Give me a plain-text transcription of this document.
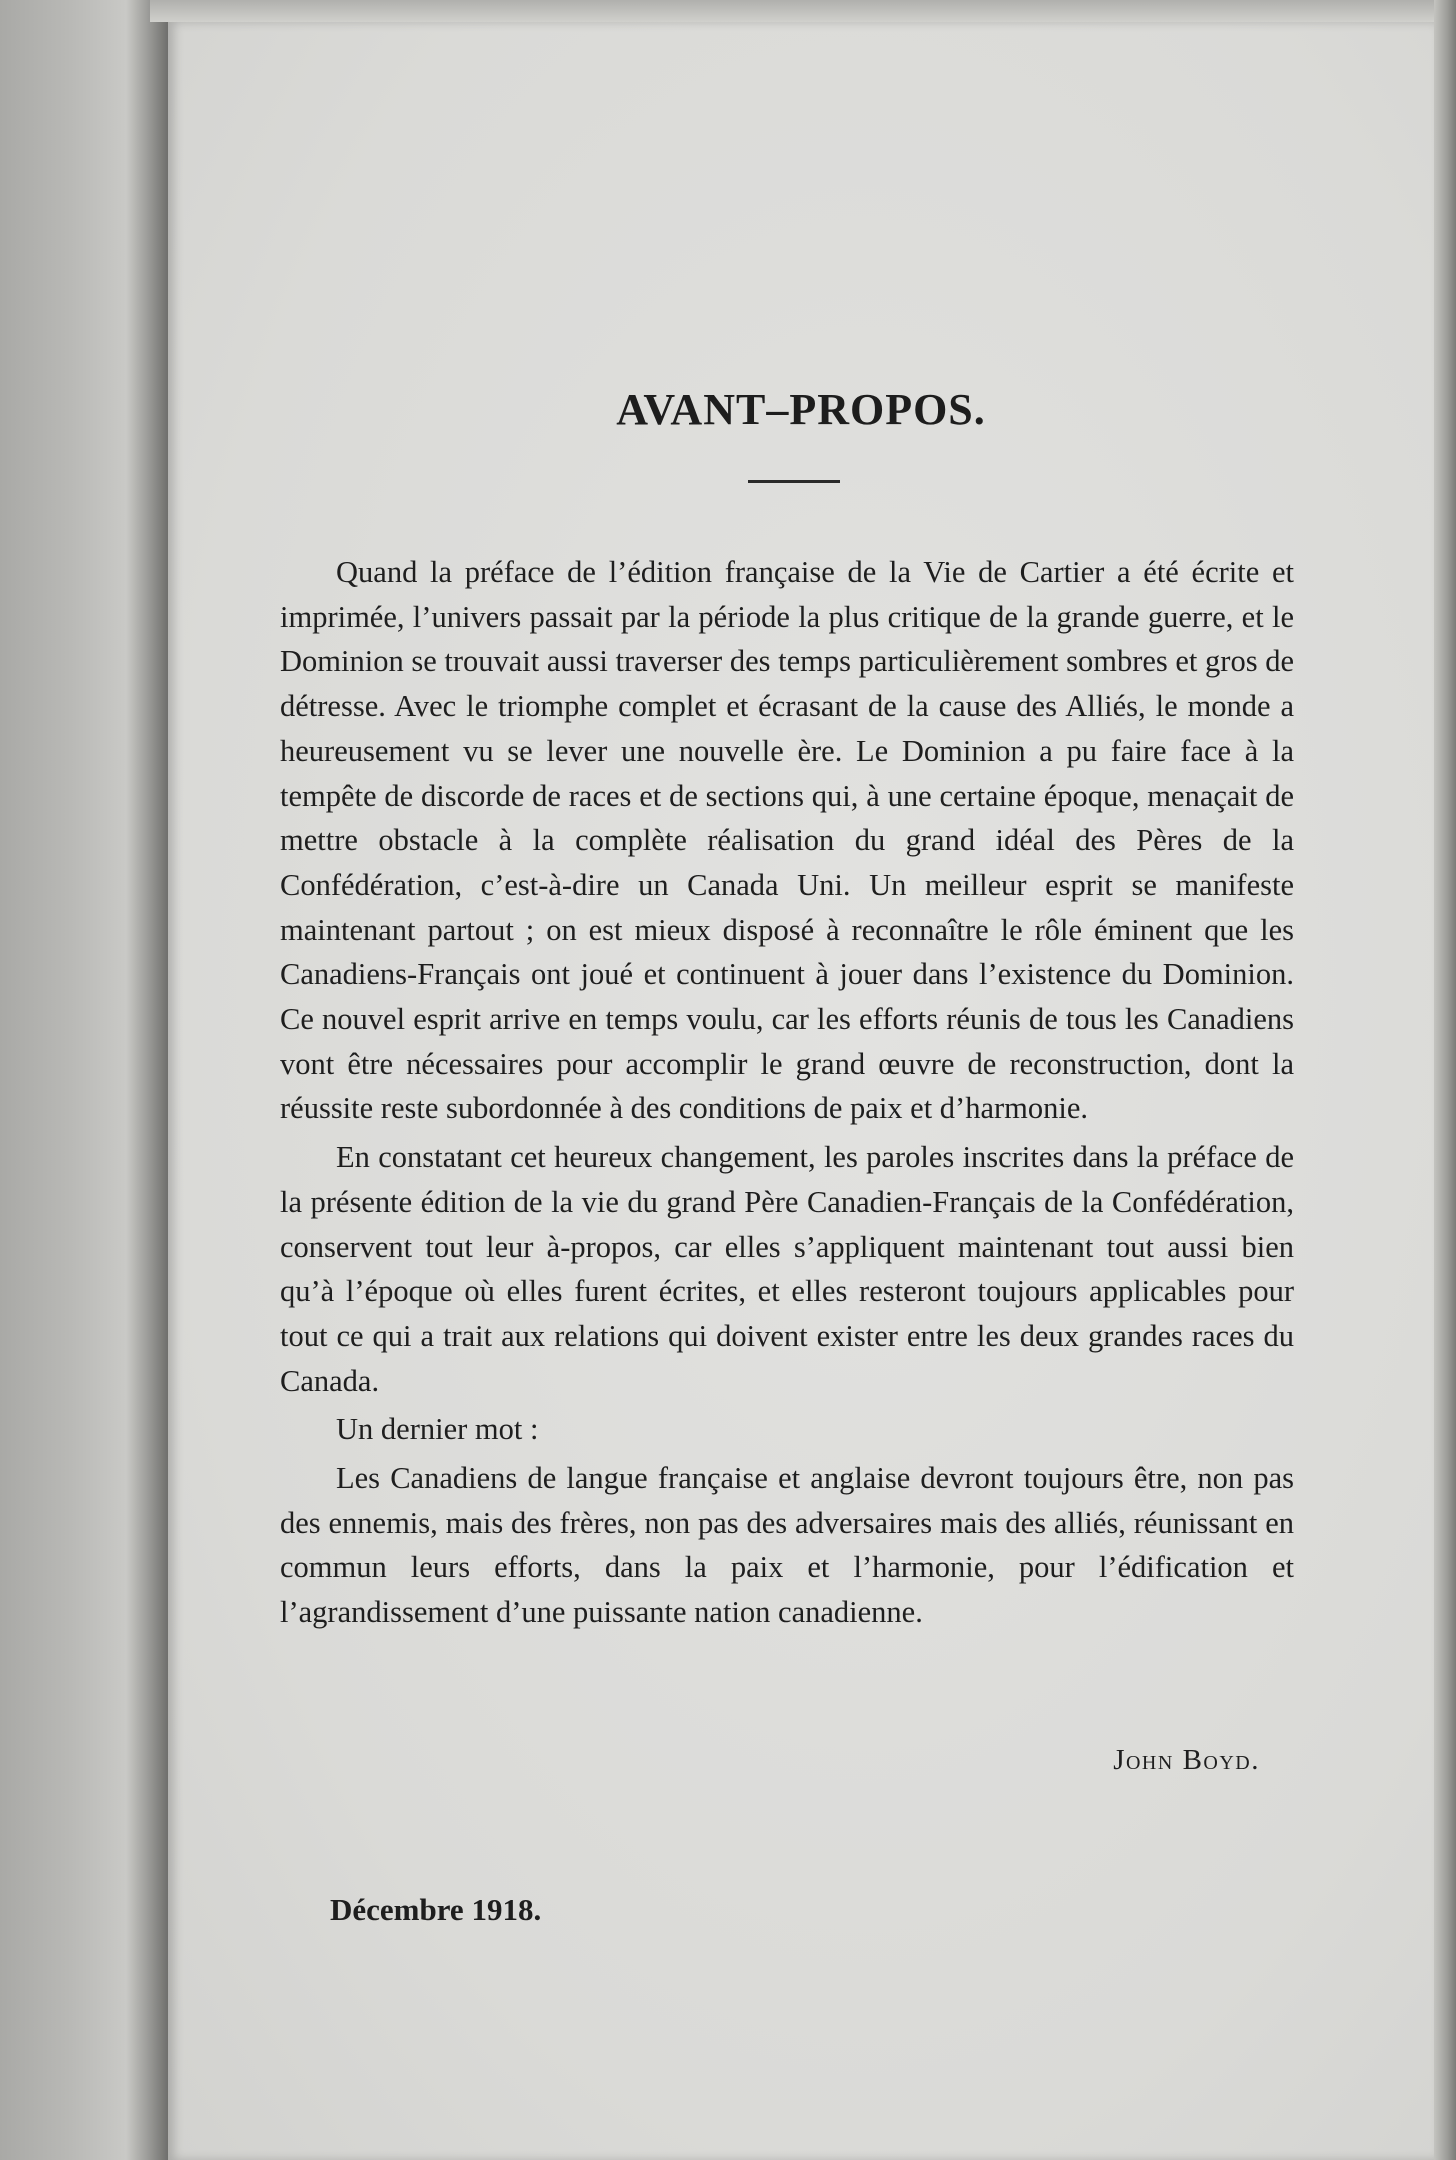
AVANT–PROPOS.

Quand la préface de l’édition française de la Vie de Cartier a été écrite et imprimée, l’univers passait par la période la plus critique de la grande guerre, et le Dominion se trouvait aussi traverser des temps particulièrement sombres et gros de détresse. Avec le triomphe complet et écrasant de la cause des Alliés, le monde a heureusement vu se lever une nouvelle ère. Le Dominion a pu faire face à la tempête de discorde de races et de sections qui, à une certaine époque, menaçait de mettre obstacle à la complète réalisation du grand idéal des Pères de la Confédération, c’est-à-dire un Canada Uni. Un meilleur esprit se manifeste maintenant partout ; on est mieux disposé à reconnaître le rôle éminent que les Canadiens-Français ont joué et continuent à jouer dans l’existence du Dominion. Ce nouvel esprit arrive en temps voulu, car les efforts réunis de tous les Canadiens vont être nécessaires pour accomplir le grand œuvre de reconstruction, dont la réussite reste subordonnée à des conditions de paix et d’harmonie.

En constatant cet heureux changement, les paroles inscrites dans la préface de la présente édition de la vie du grand Père Canadien-Français de la Confédération, conservent tout leur à-propos, car elles s’appliquent maintenant tout aussi bien qu’à l’époque où elles furent écrites, et elles resteront toujours applicables pour tout ce qui a trait aux relations qui doivent exister entre les deux grandes races du Canada.

Un dernier mot :

Les Canadiens de langue française et anglaise devront toujours être, non pas des ennemis, mais des frères, non pas des adversaires mais des alliés, réunissant en commun leurs efforts, dans la paix et l’harmonie, pour l’édification et l’agrandissement d’une puissante nation canadienne.

John Boyd.
Décembre 1918.
